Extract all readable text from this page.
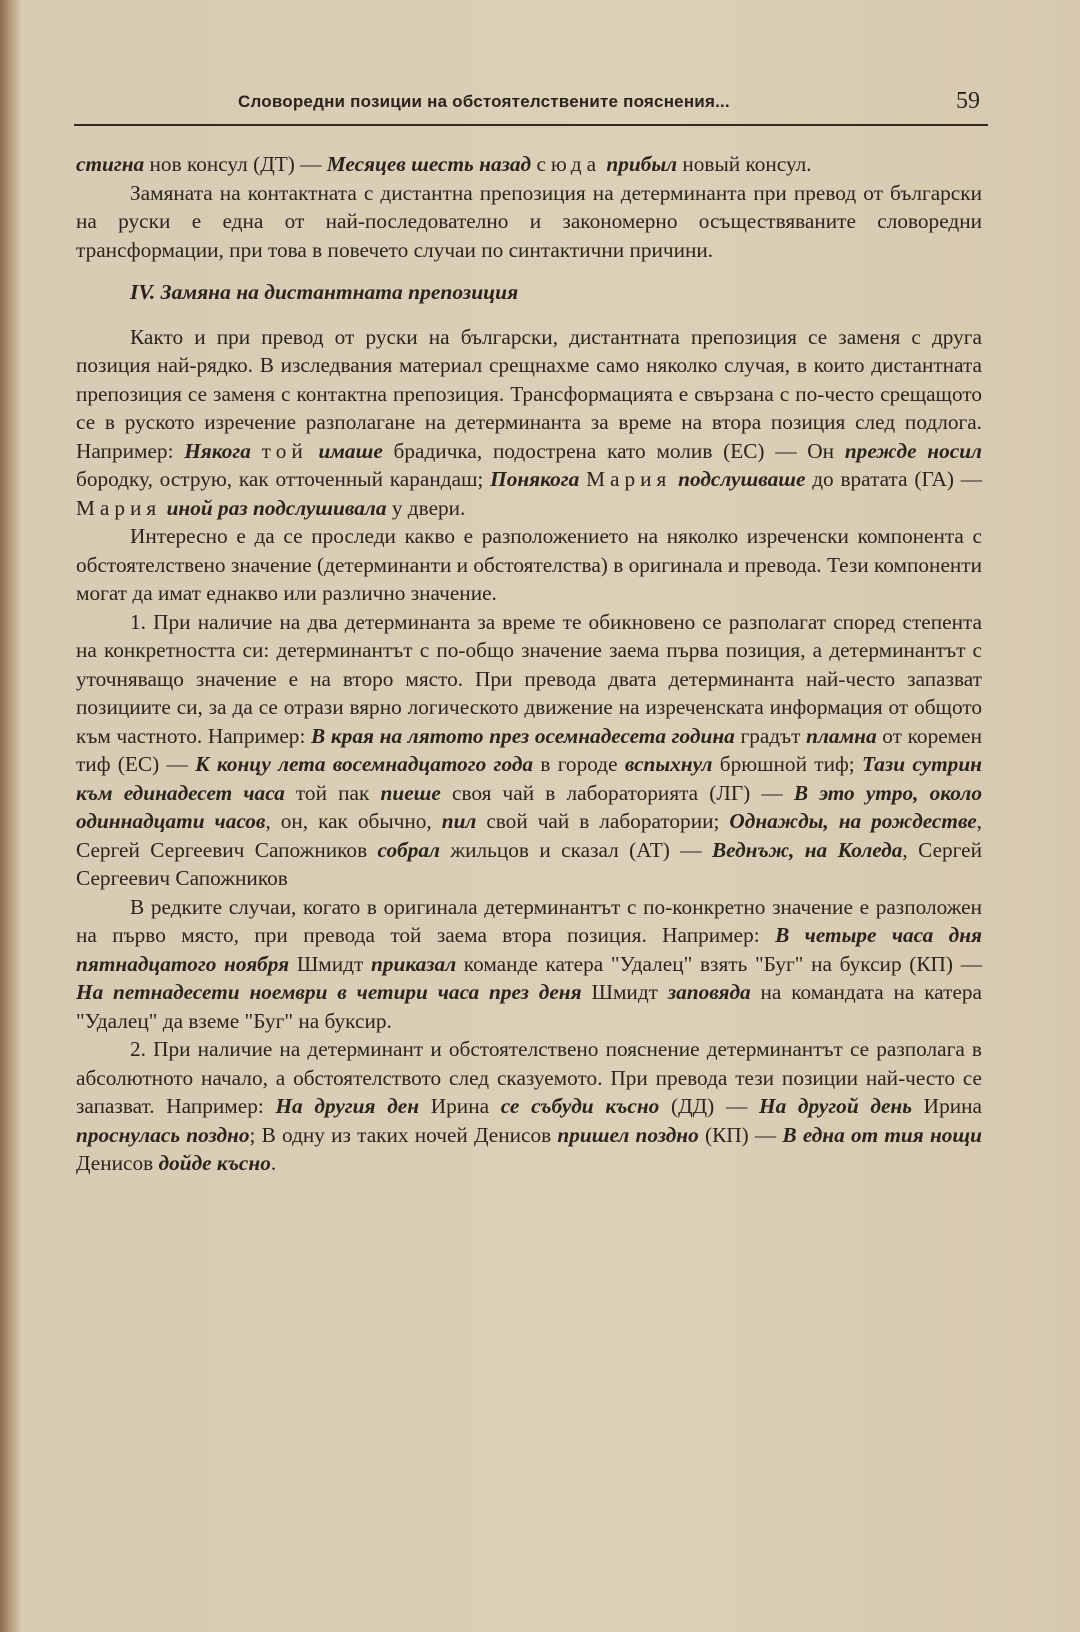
Словоредни позиции на обстоятелствените пояснения...	59

стигна нов консул (ДТ) — Месяцев шесть назад сюда прибыл новый консул.

Замяната на контактната с дистантна препозиция на детерминанта при превод от български на руски е една от най-последователно и закономерно осъществяваните словоредни трансформации, при това в повечето случаи по синтактични причини.

IV. Замяна на дистантната препозиция

Както и при превод от руски на български, дистантната препозиция се заменя с друга позиция най-рядко. В изследвания материал срещнахме само няколко случая, в които дистантната препозиция се заменя с контактна препозиция. Трансформацията е свързана с по-често срещащото се в руското изречение разполагане на детерминанта за време на втора позиция след подлога. Например: Някога той имаше брадичка, подострена като молив (ЕС) — Он прежде носил бородку, острую, как отточенный карандаш; Понякога Мария подслушваше до вратата (ГА) — Мария иной раз подслушивала у двери.

Интересно е да се проследи какво е разположението на няколко изреченски компонента с обстоятелствено значение (детерминанти и обстоятелства) в оригинала и превода. Тези компоненти могат да имат еднакво или различно значение.

1. При наличие на два детерминанта за време те обикновено се разполагат според степента на конкретността си: детерминантът с по-общо значение заема първа позиция, а детерминантът с уточняващо значение е на второ място. При превода двата детерминанта най-често запазват позициите си, за да се отрази вярно логическото движение на изреченската информация от общото към частното. Например: В края на лятото през осемнадесета година градът пламна от коремен тиф (ЕС) — К концу лета восемнадцатого года в городе вспыхнул брюшной тиф; Тази сутрин към единадесет часа той пак пиеше своя чай в лабораторията (ЛГ) — В это утро, около одиннадцати часов, он, как обычно, пил свой чай в лаборатории; Однажды, на рождестве, Сергей Сергеевич Сапожников собрал жильцов и сказал (АТ) — Веднъж, на Коледа, Сергей Сергеевич Сапожников

В редките случаи, когато в оригинала детерминантът с по-конкретно значение е разположен на първо място, при превода той заема втора позиция. Например: В четыре часа дня пятнадцатого ноября Шмидт приказал команде катера "Удалец" взять "Буг" на буксир (КП) — На петнадесети ноември в четири часа през деня Шмидт заповяда на командата на катера "Удалец" да вземе "Буг" на буксир.

2. При наличие на детерминант и обстоятелствено пояснение детерминантът се разполага в абсолютното начало, а обстоятелството след сказуемото. При превода тези позиции най-често се запазват. Например: На другия ден Ирина се събуди късно (ДД) — На другой день Ирина проснулась поздно; В одну из таких ночей Денисов пришел поздно (КП) — В една от тия нощи Денисов дойде късно.
